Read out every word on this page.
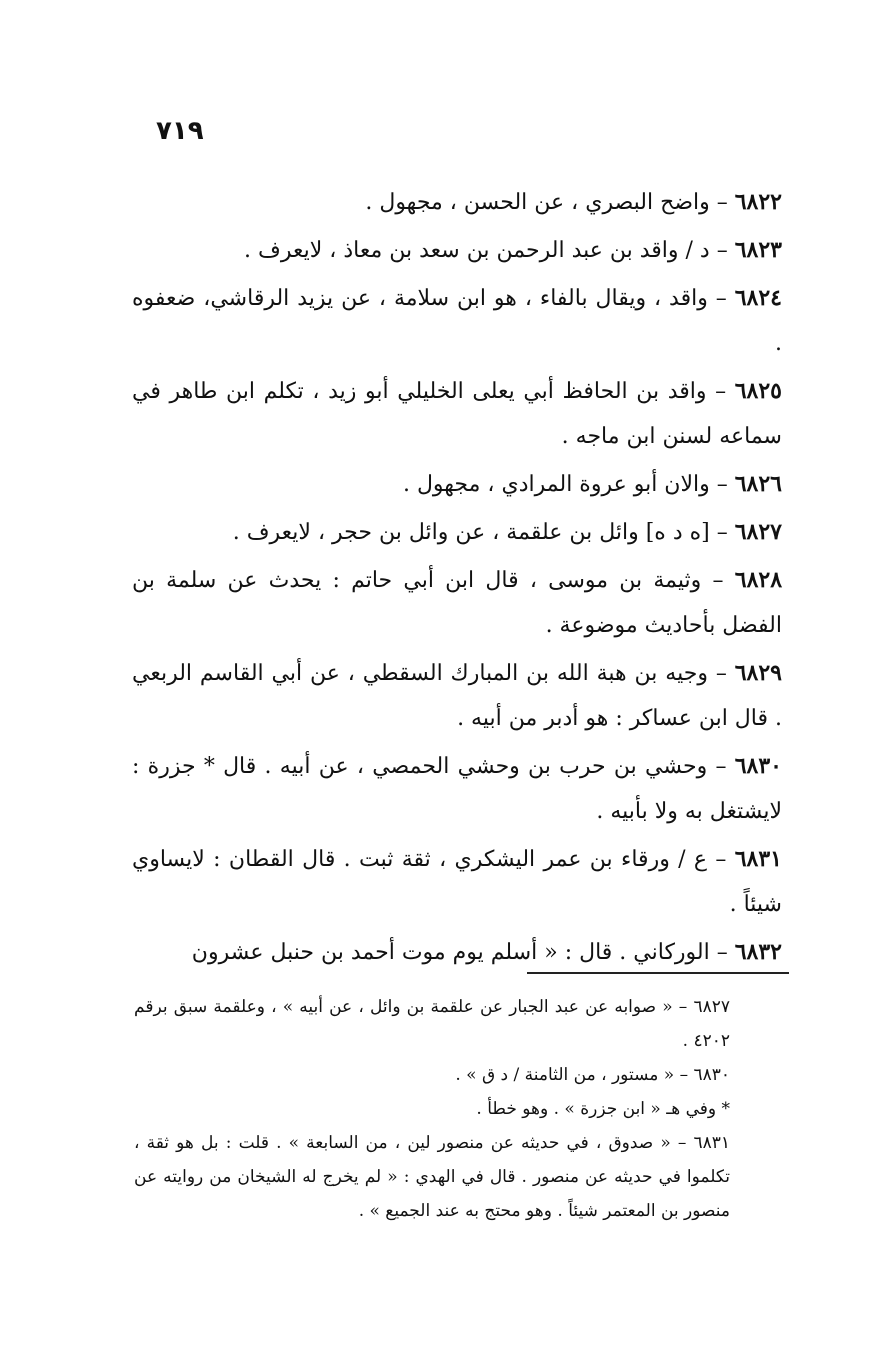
٧١٩

٦٨٢٢ – واضح البصري ، عن الحسن ، مجهول .

٦٨٢٣ – د / واقد بن عبد الرحمن بن سعد بن معاذ ، لايعرف .

٦٨٢٤ – واقد ، ويقال بالفاء ، هو ابن سلامة ، عن يزيد الرقاشي، ضعفوه .

٦٨٢٥ – واقد بن الحافظ أبي يعلى الخليلي أبو زيد ، تكلم ابن طاهر في سماعه لسنن ابن ماجه .

٦٨٢٦ – والان أبو عروة المرادي ، مجهول .

٦٨٢٧ – [ه د ه] وائل بن علقمة ، عن وائل بن حجر ، لايعرف .

٦٨٢٨ – وثيمة بن موسى ، قال ابن أبي حاتم : يحدث عن سلمة بن الفضل بأحاديث موضوعة .

٦٨٢٩ – وجيه بن هبة الله بن المبارك السقطي ، عن أبي القاسم الربعي . قال ابن عساكر : هو أدبر من أبيه .

٦٨٣٠ – وحشي بن حرب بن وحشي الحمصي ، عن أبيه . قال * جزرة : لايشتغل به ولا بأبيه .

٦٨٣١ – ع / ورقاء بن عمر اليشكري ، ثقة ثبت . قال القطان : لايساوي شيئاً .

٦٨٣٢ – الوركاني . قال : « أسلم يوم موت أحمد بن حنبل عشرون

٦٨٢٧ – « صوابه عن عبد الجبار عن علقمة بن وائل ، عن أبيه » ، وعلقمة سبق برقم ٤٢٠٢ .

٦٨٣٠ – « مستور ، من الثامنة / د ق » .

* وفي هـ « ابن جزرة » . وهو خطأ .

٦٨٣١ – « صدوق ، في حديثه عن منصور لين ، من السابعة » . قلت : بل هو ثقة ، تكلموا في حديثه عن منصور . قال في الهدي : « لم يخرج له الشيخان من روايته عن منصور بن المعتمر شيئاً . وهو محتج به عند الجميع » .
